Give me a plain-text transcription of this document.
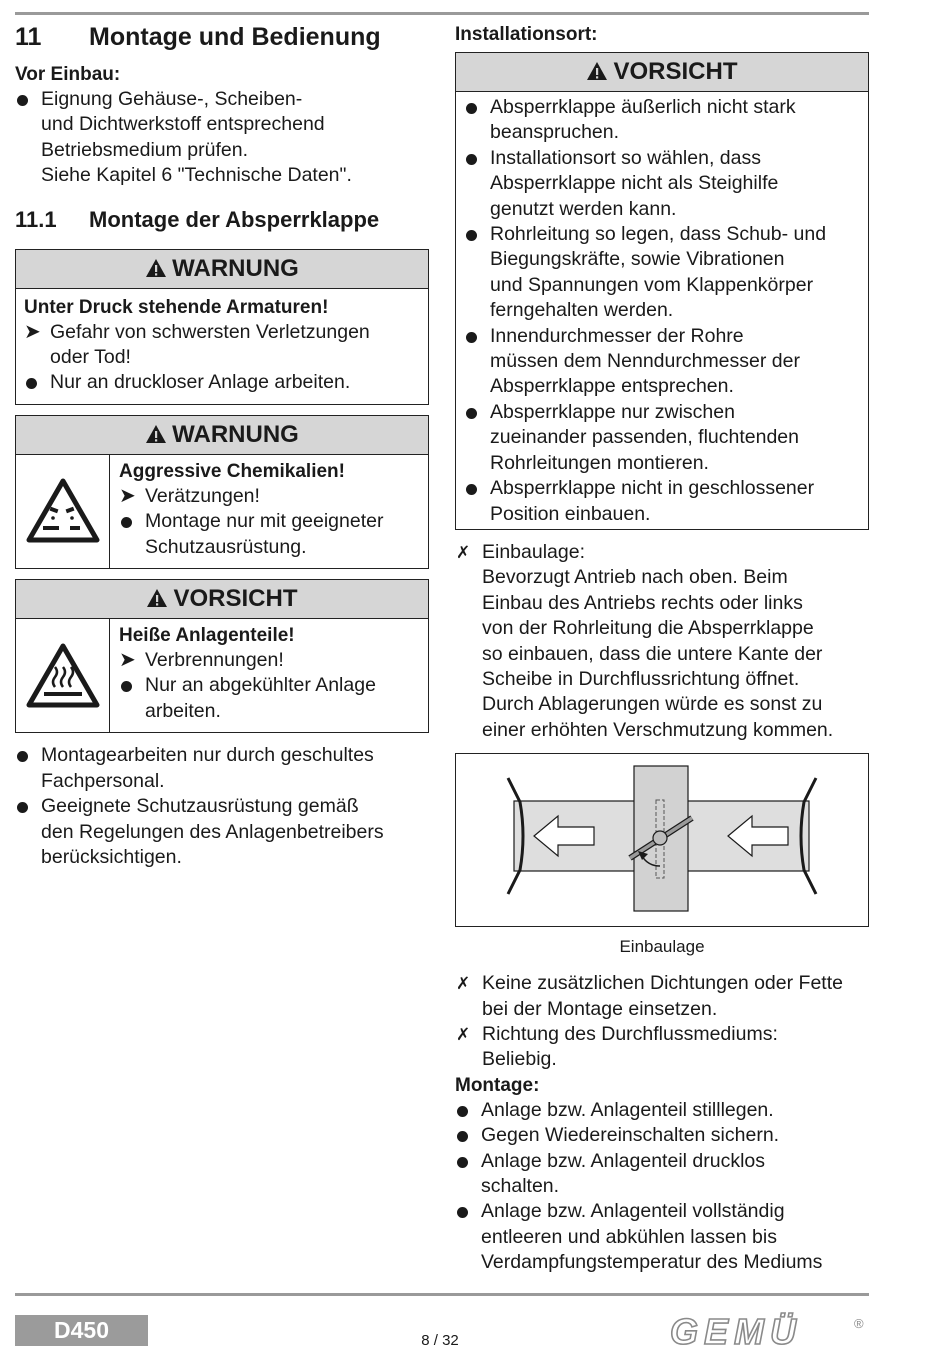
11	Montage und Bedienung
Vor Einbau:
Eignung Gehäuse-, Scheiben-
und Dichtwerkstoff entsprechend
Betriebsmedium prüfen.
Siehe Kapitel 6 "Technische Daten".
11.1	Montage der Absperrklappe
WARNUNG
Unter Druck stehende Armaturen!
➤ Gefahr von schwersten Verletzungen
oder Tod!
Nur an druckloser Anlage arbeiten.
WARNUNG
Aggressive Chemikalien!
➤ Verätzungen!
Montage nur mit geeigneter
Schutzausrüstung.
VORSICHT
Heiße Anlagenteile!
➤ Verbrennungen!
Nur an abgekühlter Anlage
arbeiten.
Montagearbeiten nur durch geschultes
Fachpersonal.
Geeignete Schutzausrüstung gemäß
den Regelungen des Anlagenbetreibers
berücksichtigen.
Installationsort:
VORSICHT
Absperrklappe äußerlich nicht stark
beanspruchen.
Installationsort so wählen, dass
Absperrklappe nicht als Steighilfe
genutzt werden kann.
Rohrleitung so legen, dass Schub- und
Biegungskräfte, sowie Vibrationen
und Spannungen vom Klappenkörper
ferngehalten werden.
Innendurchmesser der Rohre
müssen dem Nenndurchmesser der
Absperrklappe entsprechen.
Absperrklappe nur zwischen
zueinander passenden, fluchtenden
Rohrleitungen montieren.
Absperrklappe nicht in geschlossener
Position einbauen.
✗ Einbaulage:
Bevorzugt Antrieb nach oben. Beim
Einbau des Antriebs rechts oder links
von der Rohrleitung die Absperrklappe
so einbauen, dass die untere Kante der
Scheibe in Durchflussrichtung öffnet.
Durch Ablagerungen würde es sonst zu
einer erhöhten Verschmutzung kommen.
Einbaulage
✗ Keine zusätzlichen Dichtungen oder Fette
bei der Montage einsetzen.
✗ Richtung des Durchflussmediums:
Beliebig.
Montage:
Anlage bzw. Anlagenteil stilllegen.
Gegen Wiedereinschalten sichern.
Anlage bzw. Anlagenteil drucklos
schalten.
Anlage bzw. Anlagenteil vollständig
entleeren und abkühlen lassen bis
Verdampfungstemperatur des Mediums
D450	8 / 32	GEMÜ	®
